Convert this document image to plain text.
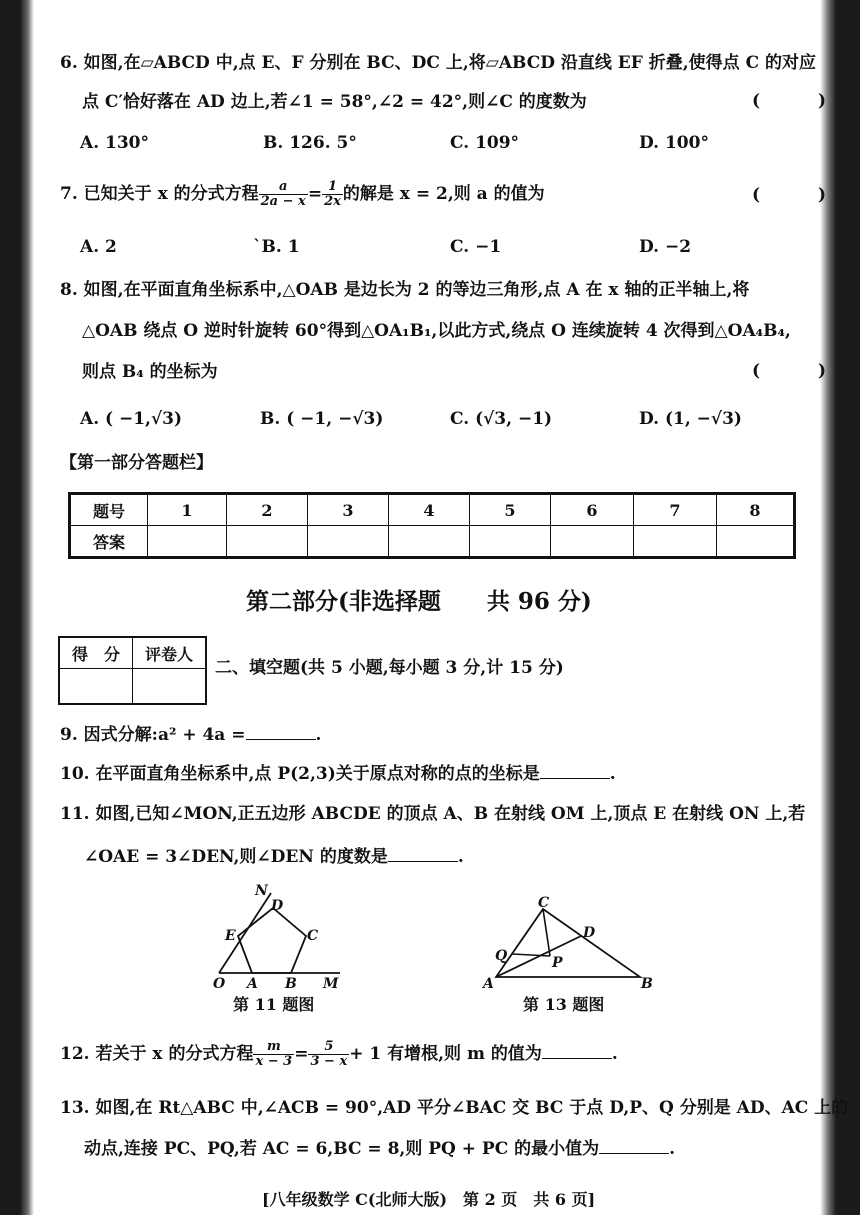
6. 如图,在▱ABCD 中,点 E、F 分别在 BC、DC 上,将▱ABCD 沿直线 EF 折叠,使得点 C 的对应
点 C′恰好落在 AD 边上,若∠1 = 58°,∠2 = 42°,则∠C 的度数为	( )
A. 130°	B. 126. 5°	C. 109°	D. 100°
7. 已知关于 x 的分式方程 $\frac{a}{2a - x} = \frac{1}{2x}$ 的解是 x = 2,则 a 的值为	( )
A. 2	`B. 1	C. −1	D. −2
8. 如图,在平面直角坐标系中,△OAB 是边长为 2 的等边三角形,点 A 在 x 轴的正半轴上,将
△OAB 绕点 O 逆时针旋转 60°得到△OA₁B₁,以此方式,绕点 O 连续旋转 4 次得到△OA₄B₄,
则点 B₄ 的坐标为	( )
A. ( −1,√3)	B. ( −1, −√3)	C. (√3, −1)	D. (1, −√3)
【第一部分答题栏】
题号	1	2	3	4	5	6	7	8
答案								
第二部分(非选择题　　共 96 分)
得　分	评卷人

二、填空题(共 5 小题,每小题 3 分,计 15 分)
9. 因式分解:a² + 4a =	.
10. 在平面直角坐标系中,点 P(2,3)关于原点对称的点的坐标是	.
11. 如图,已知∠MON,正五边形 ABCDE 的顶点 A、B 在射线 OM 上,顶点 E 在射线 ON 上,若
∠OAE = 3∠DEN,则∠DEN 的度数是	.
N
D
E	C
O A B M
第 11 题图
C
D
Q	P
A	B
第 13 题图
12. 若关于 x 的分式方程 $\frac{m}{x - 3} = \frac{5}{3 - x} + 1$ 有增根,则 m 的值为	.
13. 如图,在 Rt△ABC 中,∠ACB = 90°,AD 平分∠BAC 交 BC 于点 D,P、Q 分别是 AD、AC 上的
动点,连接 PC、PQ,若 AC = 6,BC = 8,则 PQ + PC 的最小值为	.
[八年级数学 C(北师大版)　第 2 页　共 6 页]
